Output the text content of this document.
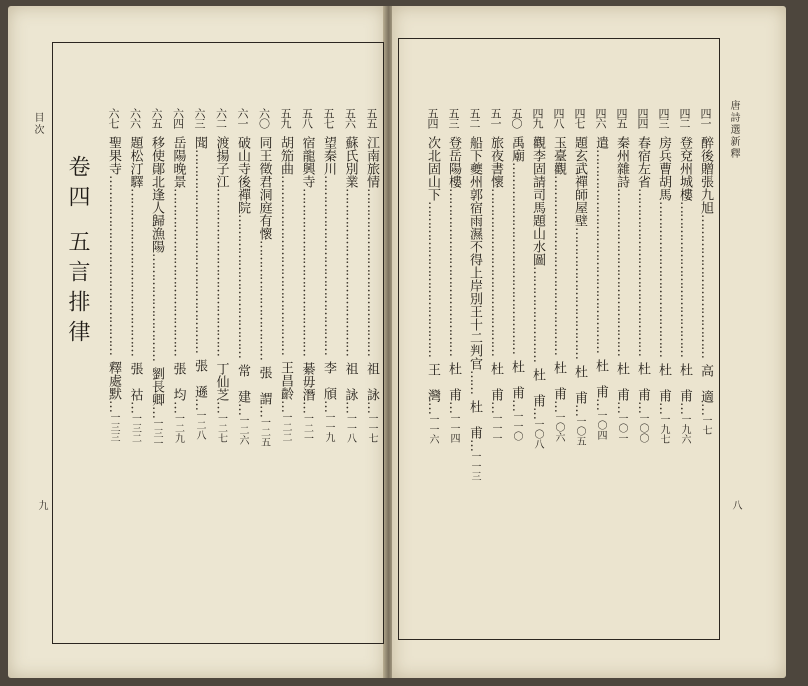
目次
九
唐詩選新釋
八
卷四 五言排律
四一醉後贈張九旭………………………………高　適…一七
四二登兗州城樓…………………………………杜　甫…一九六
四三房兵曹胡馬…………………………………杜　甫…一九七
四四春宿左省……………………………………杜　甫…一〇〇
四五秦州雜詩……………………………………杜　甫…一〇一
四六遣……………………………………………杜　甫…一〇四
四七題玄武禪師屋壁……………………………杜　甫…一〇五
四八玉臺觀………………………………………杜　甫…一〇六
四九觀李固請司馬題山水圖……………………杜　甫…一〇八
五〇禹廟…………………………………………杜　甫…一一〇
五一旅夜書懷……………………………………杜　甫…一一一
五二船下夔州郭宿雨濕不得上岸別王十二判官……杜　甫…一一三
五三登岳陽樓……………………………………杜　甫…一一四
五四次北固山下…………………………………王　灣…一一六
五五江南旅情……………………………………祖　詠…一一七
五六蘇氏別業……………………………………祖　詠…一一八
五七望秦川………………………………………李　頎…一一九
五八宿龍興寺……………………………………綦毋潛…一二一
五九胡笳曲………………………………………王昌齡…一二二
六〇同王徵君洞庭有懷…………………………張　謂…一二五
六一破山寺後禪院………………………………常　建…一二六
六二渡揚子江……………………………………丁仙芝…一二七
六三聞……………………………………………張　遜…一二八
六四岳陽晚景……………………………………張　均…一二九
六五移使鄖北逢人歸漁陽………………………劉長卿…一三一
六六題松汀驛……………………………………張　祜…一三二
六七聖果寺………………………………………釋處默…一三三
